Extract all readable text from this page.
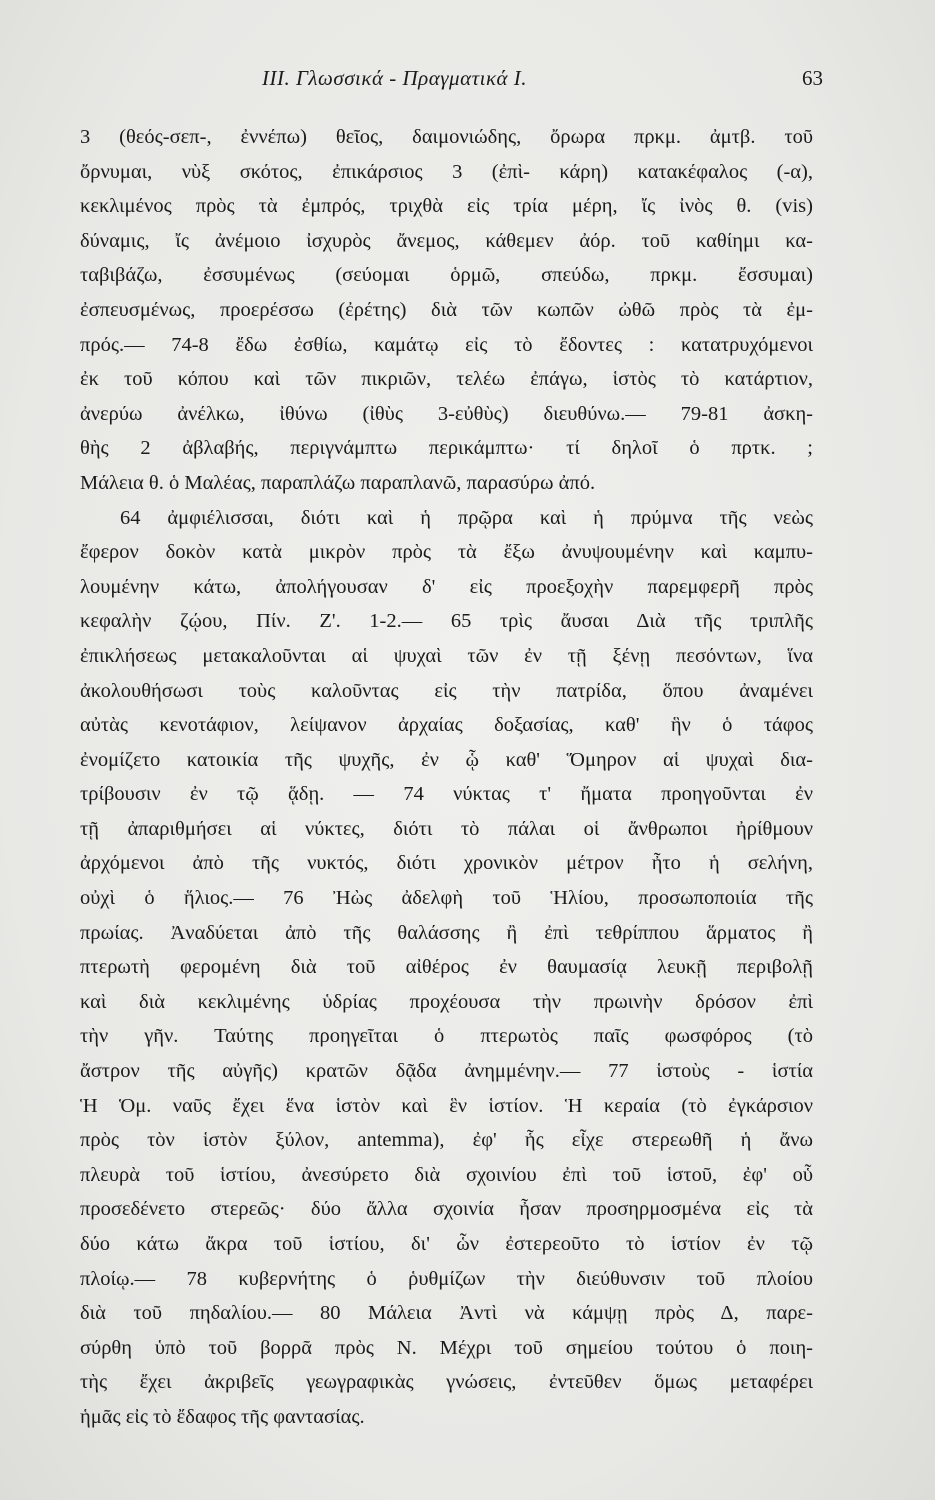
III. Γλωσσικά - Πραγματικά Ι.	63
3 (θεός-σεπ-, ἐννέπω) θεῖος, δαιμονιώδης, ὄρωρα πρκμ. ἀμτβ. τοῦ
ὄρνυμαι, νὺξ σκότος, ἐπικάρσιος 3 (ἐπὶ- κάρη) κατακέφαλος (-α),
κεκλιμένος πρὸς τὰ ἐμπρός, τριχθὰ εἰς τρία μέρη, ἴς ἰνὸς θ. (vis)
δύναμις, ἴς ἀνέμοιο ἰσχυρὸς ἄνεμος, κάθεμεν ἀόρ. τοῦ καθίημι κα-
ταβιβάζω, ἐσσυμένως (σεύομαι ὁρμῶ, σπεύδω, πρκμ. ἔσσυμαι)
ἐσπευσμένως, προερέσσω (ἐρέτης) διὰ τῶν κωπῶν ὠθῶ πρὸς τὰ ἐμ-
πρός.— 74-8 ἔδω ἐσθίω, καμάτῳ εἰς τὸ ἔδοντες : κατατρυχόμενοι
ἐκ τοῦ κόπου καὶ τῶν πικριῶν, τελέω ἐπάγω, ἱστὸς τὸ κατάρτιον,
ἀνερύω ἀνέλκω, ἰθύνω (ἰθὺς 3-εὐθὺς) διευθύνω.— 79-81 ἀσκη-
θὴς 2 ἀβλαβής, περιγνάμπτω περικάμπτω· τί δηλοῖ ὁ πρτκ. ;
Μάλεια θ. ὁ Μαλέας, παραπλάζω παραπλανῶ, παρασύρω ἀπό.
64 ἀμφιέλισσαι, διότι καὶ ἡ πρῷρα καὶ ἡ πρύμνα τῆς νεὼς
ἔφερον δοκὸν κατὰ μικρὸν πρὸς τὰ ἔξω ἀνυψουμένην καὶ καμπυ-
λουμένην κάτω, ἀπολήγουσαν δ' εἰς προεξοχὴν παρεμφερῆ πρὸς
κεφαλὴν ζῴου, Πίν. Ζ'. 1-2.— 65 τρὶς ἄυσαι Διὰ τῆς τριπλῆς
ἐπικλήσεως μετακαλοῦνται αἱ ψυχαὶ τῶν ἐν τῇ ξένῃ πεσόντων, ἵνα
ἀκολουθήσωσι τοὺς καλοῦντας εἰς τὴν πατρίδα, ὅπου ἀναμένει
αὐτὰς κενοτάφιον, λείψανον ἀρχαίας δοξασίας, καθ' ἣν ὁ τάφος
ἐνομίζετο κατοικία τῆς ψυχῆς, ἐν ᾧ καθ' Ὅμηρον αἱ ψυχαὶ δια-
τρίβουσιν ἐν τῷ ᾅδῃ. — 74 νύκτας τ' ἤματα προηγοῦνται ἐν
τῇ ἀπαριθμήσει αἱ νύκτες, διότι τὸ πάλαι οἱ ἄνθρωποι ἠρίθμουν
ἀρχόμενοι ἀπὸ τῆς νυκτός, διότι χρονικὸν μέτρον ἦτο ἡ σελήνη,
οὐχὶ ὁ ἥλιος.— 76 Ἠὼς ἀδελφὴ τοῦ Ἡλίου, προσωποποιία τῆς
πρωίας. Ἀναδύεται ἀπὸ τῆς θαλάσσης ἢ ἐπὶ τεθρίππου ἅρματος ἢ
πτερωτὴ φερομένη διὰ τοῦ αἰθέρος ἐν θαυμασίᾳ λευκῇ περιβολῇ
καὶ διὰ κεκλιμένης ὑδρίας προχέουσα τὴν πρωινὴν δρόσον ἐπὶ
τὴν γῆν. Ταύτης προηγεῖται ὁ πτερωτὸς παῖς φωσφόρος (τὸ
ἄστρον τῆς αὐγῆς) κρατῶν δᾷδα ἀνημμένην.— 77 ἱστοὺς - ἱστία
Ἡ Ὁμ. ναῦς ἔχει ἕνα ἱστὸν καὶ ἓν ἱστίον. Ἡ κεραία (τὸ ἐγκάρσιον
πρὸς τὸν ἱστὸν ξύλον, antemma), ἐφ' ἧς εἶχε στερεωθῆ ἡ ἄνω
πλευρὰ τοῦ ἱστίου, ἀνεσύρετο διὰ σχοινίου ἐπὶ τοῦ ἱστοῦ, ἐφ' οὗ
προσεδένετο στερεῶς· δύο ἄλλα σχοινία ἦσαν προσηρμοσμένα εἰς τὰ
δύο κάτω ἄκρα τοῦ ἱστίου, δι' ὧν ἐστερεοῦτο τὸ ἱστίον ἐν τῷ
πλοίῳ.— 78 κυβερνήτης ὁ ῥυθμίζων τὴν διεύθυνσιν τοῦ πλοίου
διὰ τοῦ πηδαλίου.— 80 Μάλεια Ἀντὶ νὰ κάμψῃ πρὸς Δ, παρε-
σύρθη ὑπὸ τοῦ βορρᾶ πρὸς Ν. Μέχρι τοῦ σημείου τούτου ὁ ποιη-
τὴς ἔχει ἀκριβεῖς γεωγραφικὰς γνώσεις, ἐντεῦθεν ὅμως μεταφέρει
ἡμᾶς εἰς τὸ ἔδαφος τῆς φαντασίας.
